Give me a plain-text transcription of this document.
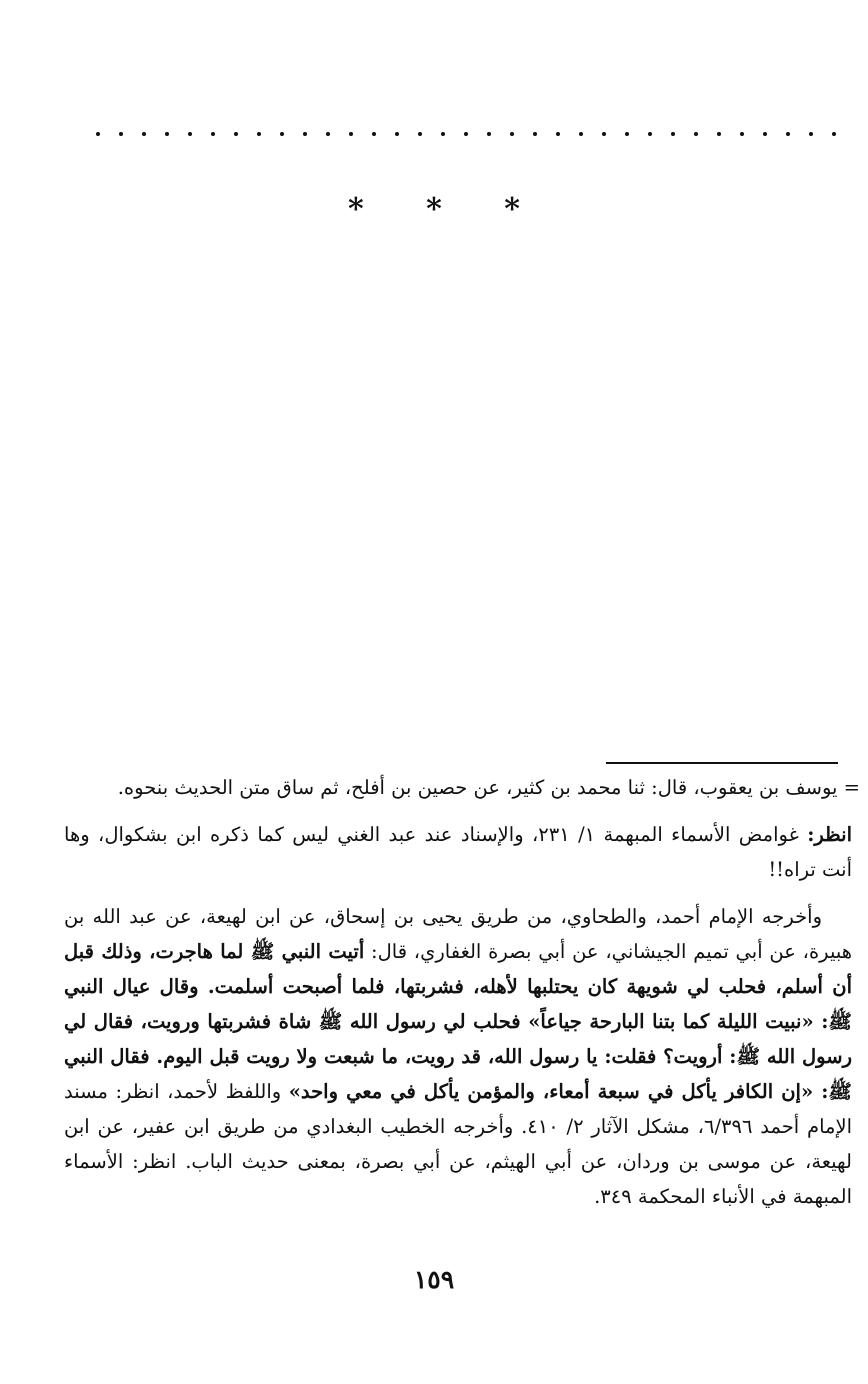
* * *

= يوسف بن يعقوب، قال: ثنا محمد بن كثير، عن حصين بن أفلح، ثم ساق متن الحديث بنحوه.

انظر: غوامض الأسماء المبهمة ١/ ٢٣١، والإسناد عند عبد الغني ليس كما ذكره ابن بشكوال، وها أنت تراه!!

وأخرجه الإمام أحمد، والطحاوي، من طريق يحيى بن إسحاق، عن ابن لهيعة، عن عبد الله بن هبيرة، عن أبي تميم الجيشاني، عن أبي بصرة الغفاري، قال: أتيت النبي ﷺ لما هاجرت، وذلك قبل أن أسلم، فحلب لي شويهة كان يحتلبها لأهله، فشربتها، فلما أصبحت أسلمت. وقال عيال النبي ﷺ: «نبيت الليلة كما بتنا البارحة جياعاً» فحلب لي رسول الله ﷺ شاة فشربتها ورويت، فقال لي رسول الله ﷺ: أرويت؟ فقلت: يا رسول الله، قد رويت، ما شبعت ولا رويت قبل اليوم. فقال النبي ﷺ: «إن الكافر يأكل في سبعة أمعاء، والمؤمن يأكل في معي واحد» واللفظ لأحمد، انظر: مسند الإمام أحمد ٦/٣٩٦، مشكل الآثار ٢/ ٤١٠. وأخرجه الخطيب البغدادي من طريق ابن عفير، عن ابن لهيعة، عن موسى بن وردان، عن أبي الهيثم، عن أبي بصرة، بمعنى حديث الباب. انظر: الأسماء المبهمة في الأنباء المحكمة ٣٤٩.

١٥٩
